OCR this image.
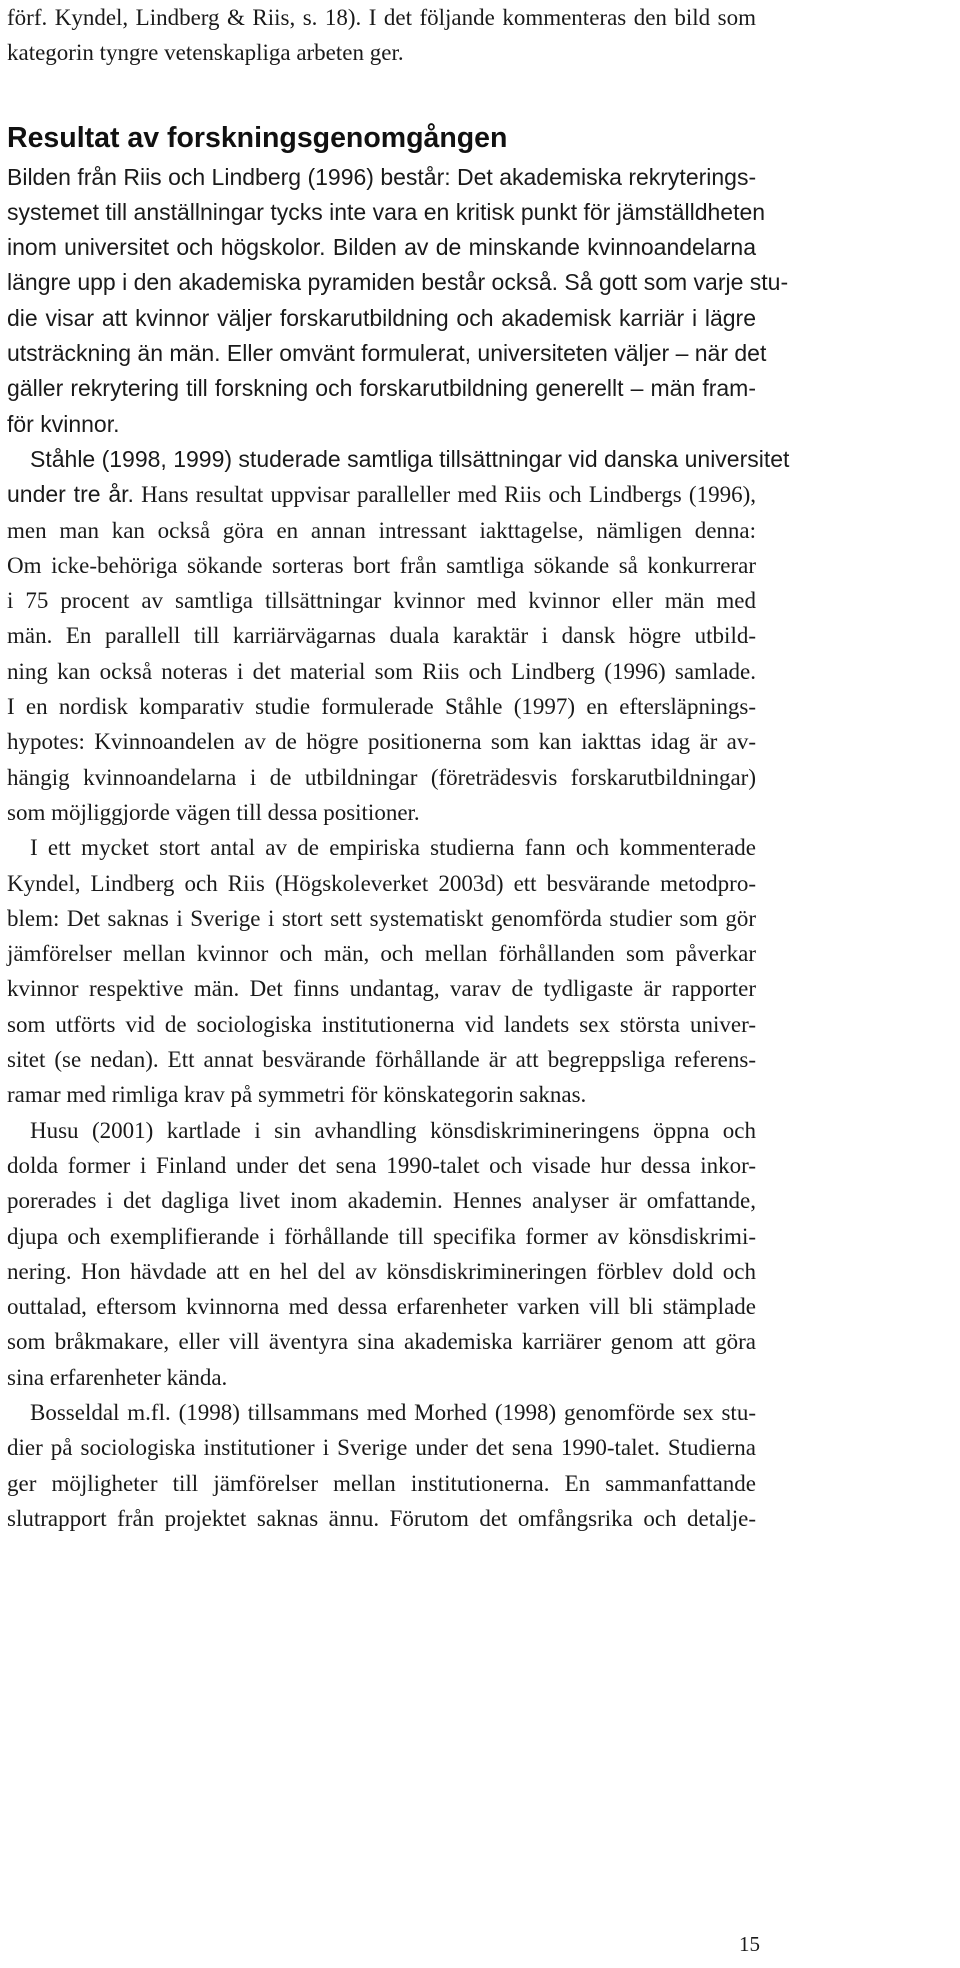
förf. Kyndel, Lindberg & Riis, s. 18). I det följande kommenteras den bild som
kategorin tyngre vetenskapliga arbeten ger.
Resultat av forskningsgenomgången
Bilden från Riis och Lindberg (1996) består: Det akademiska rekryterings-
systemet till anställningar tycks inte vara en kritisk punkt för jämställdheten
inom universitet och högskolor. Bilden av de minskande kvinnoandelarna
längre upp i den akademiska pyramiden består också. Så gott som varje stu-
die visar att kvinnor väljer forskarutbildning och akademisk karriär i lägre
utsträckning än män. Eller omvänt formulerat, universiteten väljer – när det
gäller rekrytering till forskning och forskarutbildning generellt – män fram-
för kvinnor.
Ståhle (1998, 1999) studerade samtliga tillsättningar vid danska universitet
under tre år. Hans resultat uppvisar paralleller med Riis och Lindbergs (1996),
men man kan också göra en annan intressant iakttagelse, nämligen denna:
Om icke-behöriga sökande sorteras bort från samtliga sökande så konkurrerar
i 75 procent av samtliga tillsättningar kvinnor med kvinnor eller män med
män. En parallell till karriärvägarnas duala karaktär i dansk högre utbild-
ning kan också noteras i det material som Riis och Lindberg (1996) samlade.
I en nordisk komparativ studie formulerade Ståhle (1997) en eftersläpnings-
hypotes: Kvinnoandelen av de högre positionerna som kan iakttas idag är av-
hängig kvinnoandelarna i de utbildningar (företrädesvis forskarutbildningar)
som möjliggjorde vägen till dessa positioner.
I ett mycket stort antal av de empiriska studierna fann och kommenterade
Kyndel, Lindberg och Riis (Högskoleverket 2003d) ett besvärande metodpro-
blem: Det saknas i Sverige i stort sett systematiskt genomförda studier som gör
jämförelser mellan kvinnor och män, och mellan förhållanden som påverkar
kvinnor respektive män. Det finns undantag, varav de tydligaste är rapporter
som utförts vid de sociologiska institutionerna vid landets sex största univer-
sitet (se nedan). Ett annat besvärande förhållande är att begreppsliga referens-
ramar med rimliga krav på symmetri för könskategorin saknas.
Husu (2001) kartlade i sin avhandling könsdiskrimineringens öppna och
dolda former i Finland under det sena 1990-talet och visade hur dessa inkor-
porerades i det dagliga livet inom akademin. Hennes analyser är omfattande,
djupa och exemplifierande i förhållande till specifika former av könsdiskrimi-
nering. Hon hävdade att en hel del av könsdiskrimineringen förblev dold och
outtalad, eftersom kvinnorna med dessa erfarenheter varken vill bli stämplade
som bråkmakare, eller vill äventyra sina akademiska karriärer genom att göra
sina erfarenheter kända.
Bosseldal m.fl. (1998) tillsammans med Morhed (1998) genomförde sex stu-
dier på sociologiska institutioner i Sverige under det sena 1990-talet. Studierna
ger möjligheter till jämförelser mellan institutionerna. En sammanfattande
slutrapport från projektet saknas ännu. Förutom det omfångsrika och detalje-
15
